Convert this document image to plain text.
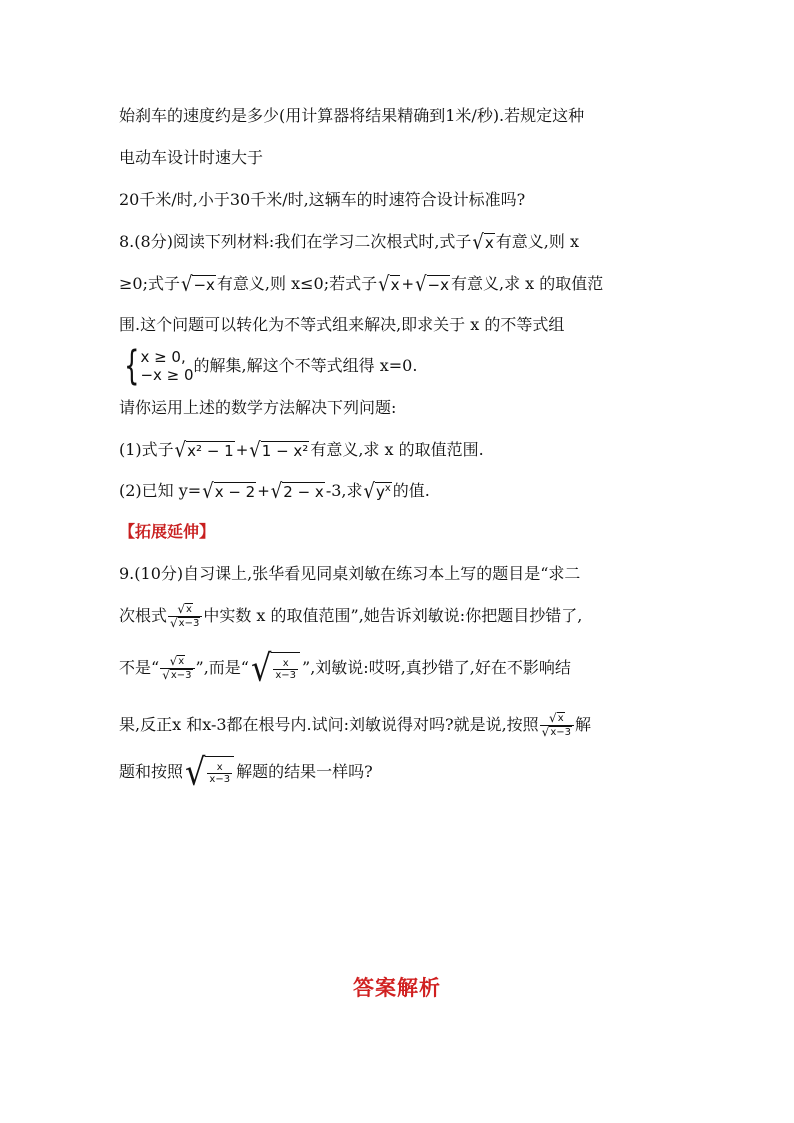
始刹车的速度约是多少(用计算器将结果精确到1米/秒).若规定这种
电动车设计时速大于
20千米/时,小于30千米/时,这辆车的时速符合设计标准吗?
8.(8分)阅读下列材料:我们在学习二次根式时,式子 √ x 有意义,则 x
≥0;式子 √ −x 有意义,则 x≤0;若式子 √ x + √ −x 有意义,求 x 的取值范
围.这个问题可以转化为不等式组来解决,即求关于 x 的不等式组
{ x ≥ 0,
−x ≥ 0 的解集,解这个不等式组得 x=0.
请你运用上述的数学方法解决下列问题:
(1)式子 √ x² − 1 + √ 1 − x² 有意义,求 x 的取值范围.
(2)已知 y= √ x − 2 + √ 2 − x -3,求 √ $y^x$ 的值.
【拓展延伸】
9.(10分)自习课上,张华看见同桌刘敏在练习本上写的题目是“求二
次根式 $\frac{√ x}{√ x-3}$ 中实数 x 的取值范围”,她告诉刘敏说:你把题目抄错了,
不是“ $\frac{√ x}{√ x-3}$ ”,而是“ √ $\frac{x}{x-3}$ ”,刘敏说:哎呀,真抄错了,好在不影响结
果,反正x 和x-3都在根号内.试问:刘敏说得对吗?就是说,按照 $\frac{√ x}{√ x-3}$ 解
题和按照 √ $\frac{x}{x-3}$ 解题的结果一样吗?
答案解析
